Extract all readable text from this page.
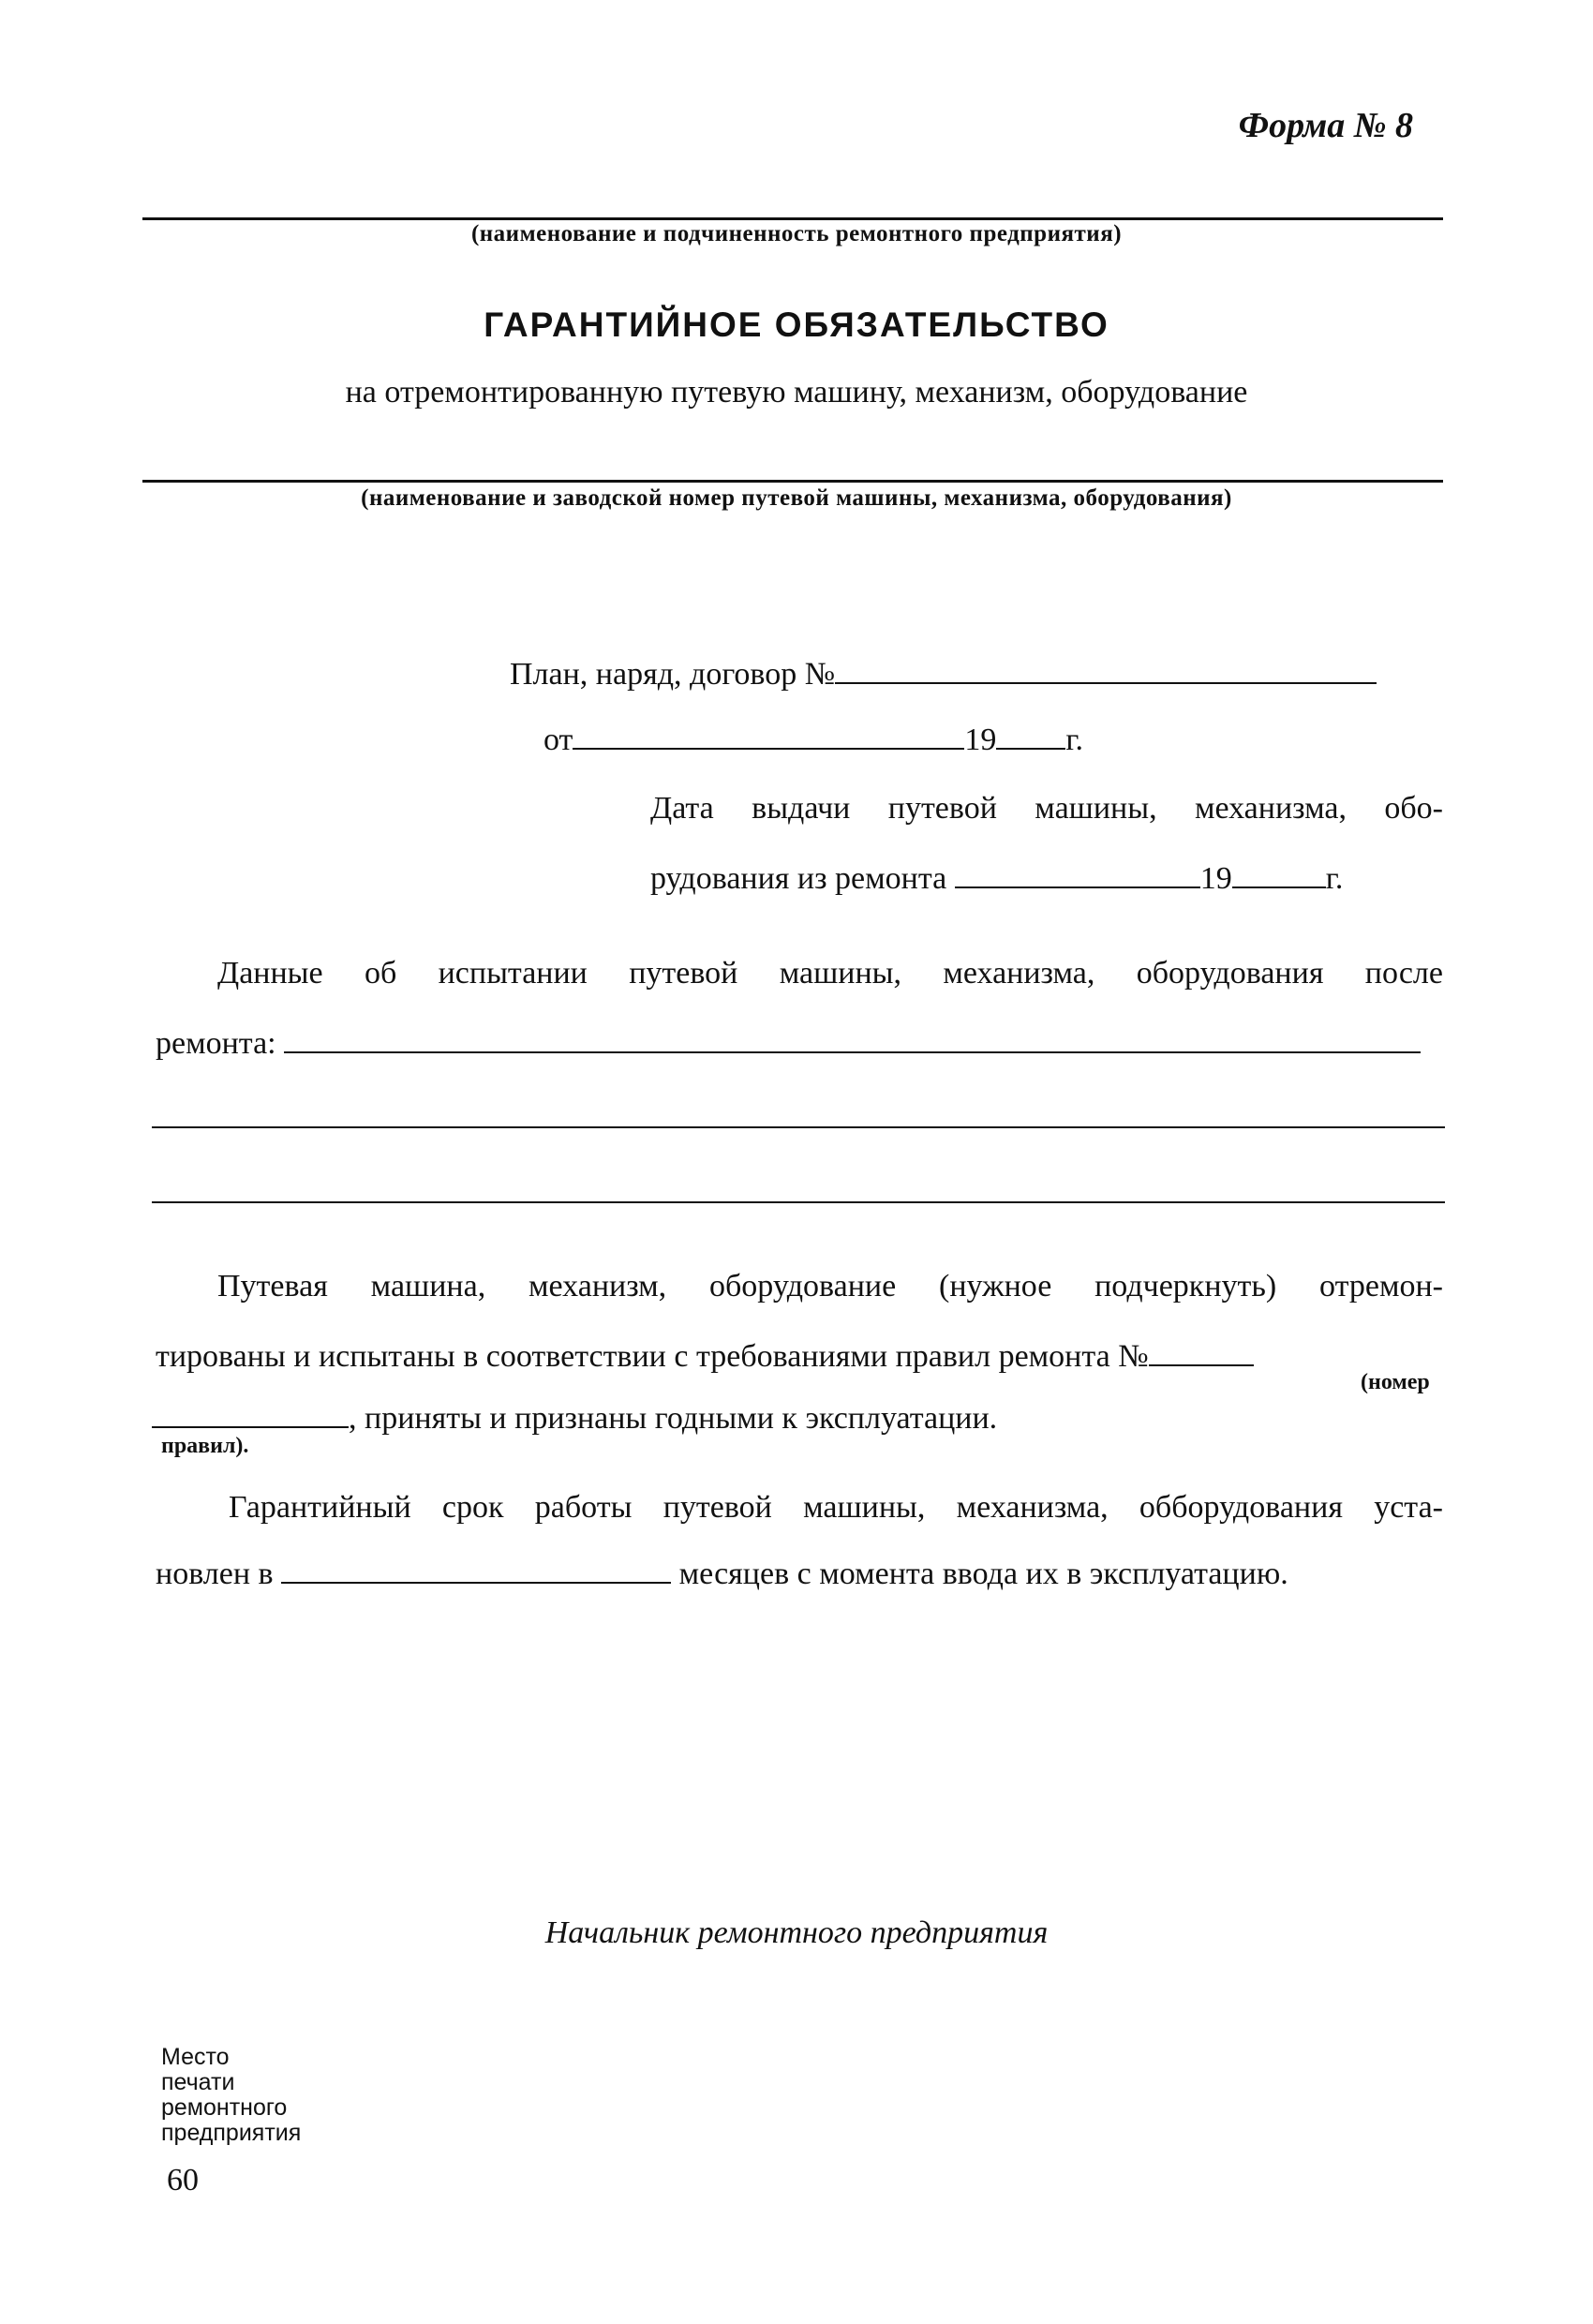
Форма № 8
(наименование и подчиненность ремонтного предприятия)
ГАРАНТИЙНОЕ ОБЯЗАТЕЛЬСТВО
на отремонтированную путевую машину, механизм, оборудование
(наименование и заводской номер путевой машины, механизма, оборудования)
План, наряд, договор №
от	19 г.
Дата выдачи путевой машины, механизма, обо-
рудования из ремонта	19	г.
Данные об испытании путевой машины, механизма, оборудования после
ремонта:
Путевая машина, механизм, оборудование (нужное подчеркнуть) отремон-
тированы и испытаны в соответствии с требованиями правил ремонта №
(номер
, приняты и признаны годными к эксплуатации.
правил).
Гарантийный срок работы путевой машины, механизма, обборудования уста-
новлен в	месяцев с момента ввода их в эксплуатацию.
Начальник ремонтного предприятия
Место
печати
ремонтного
предприятия
60
